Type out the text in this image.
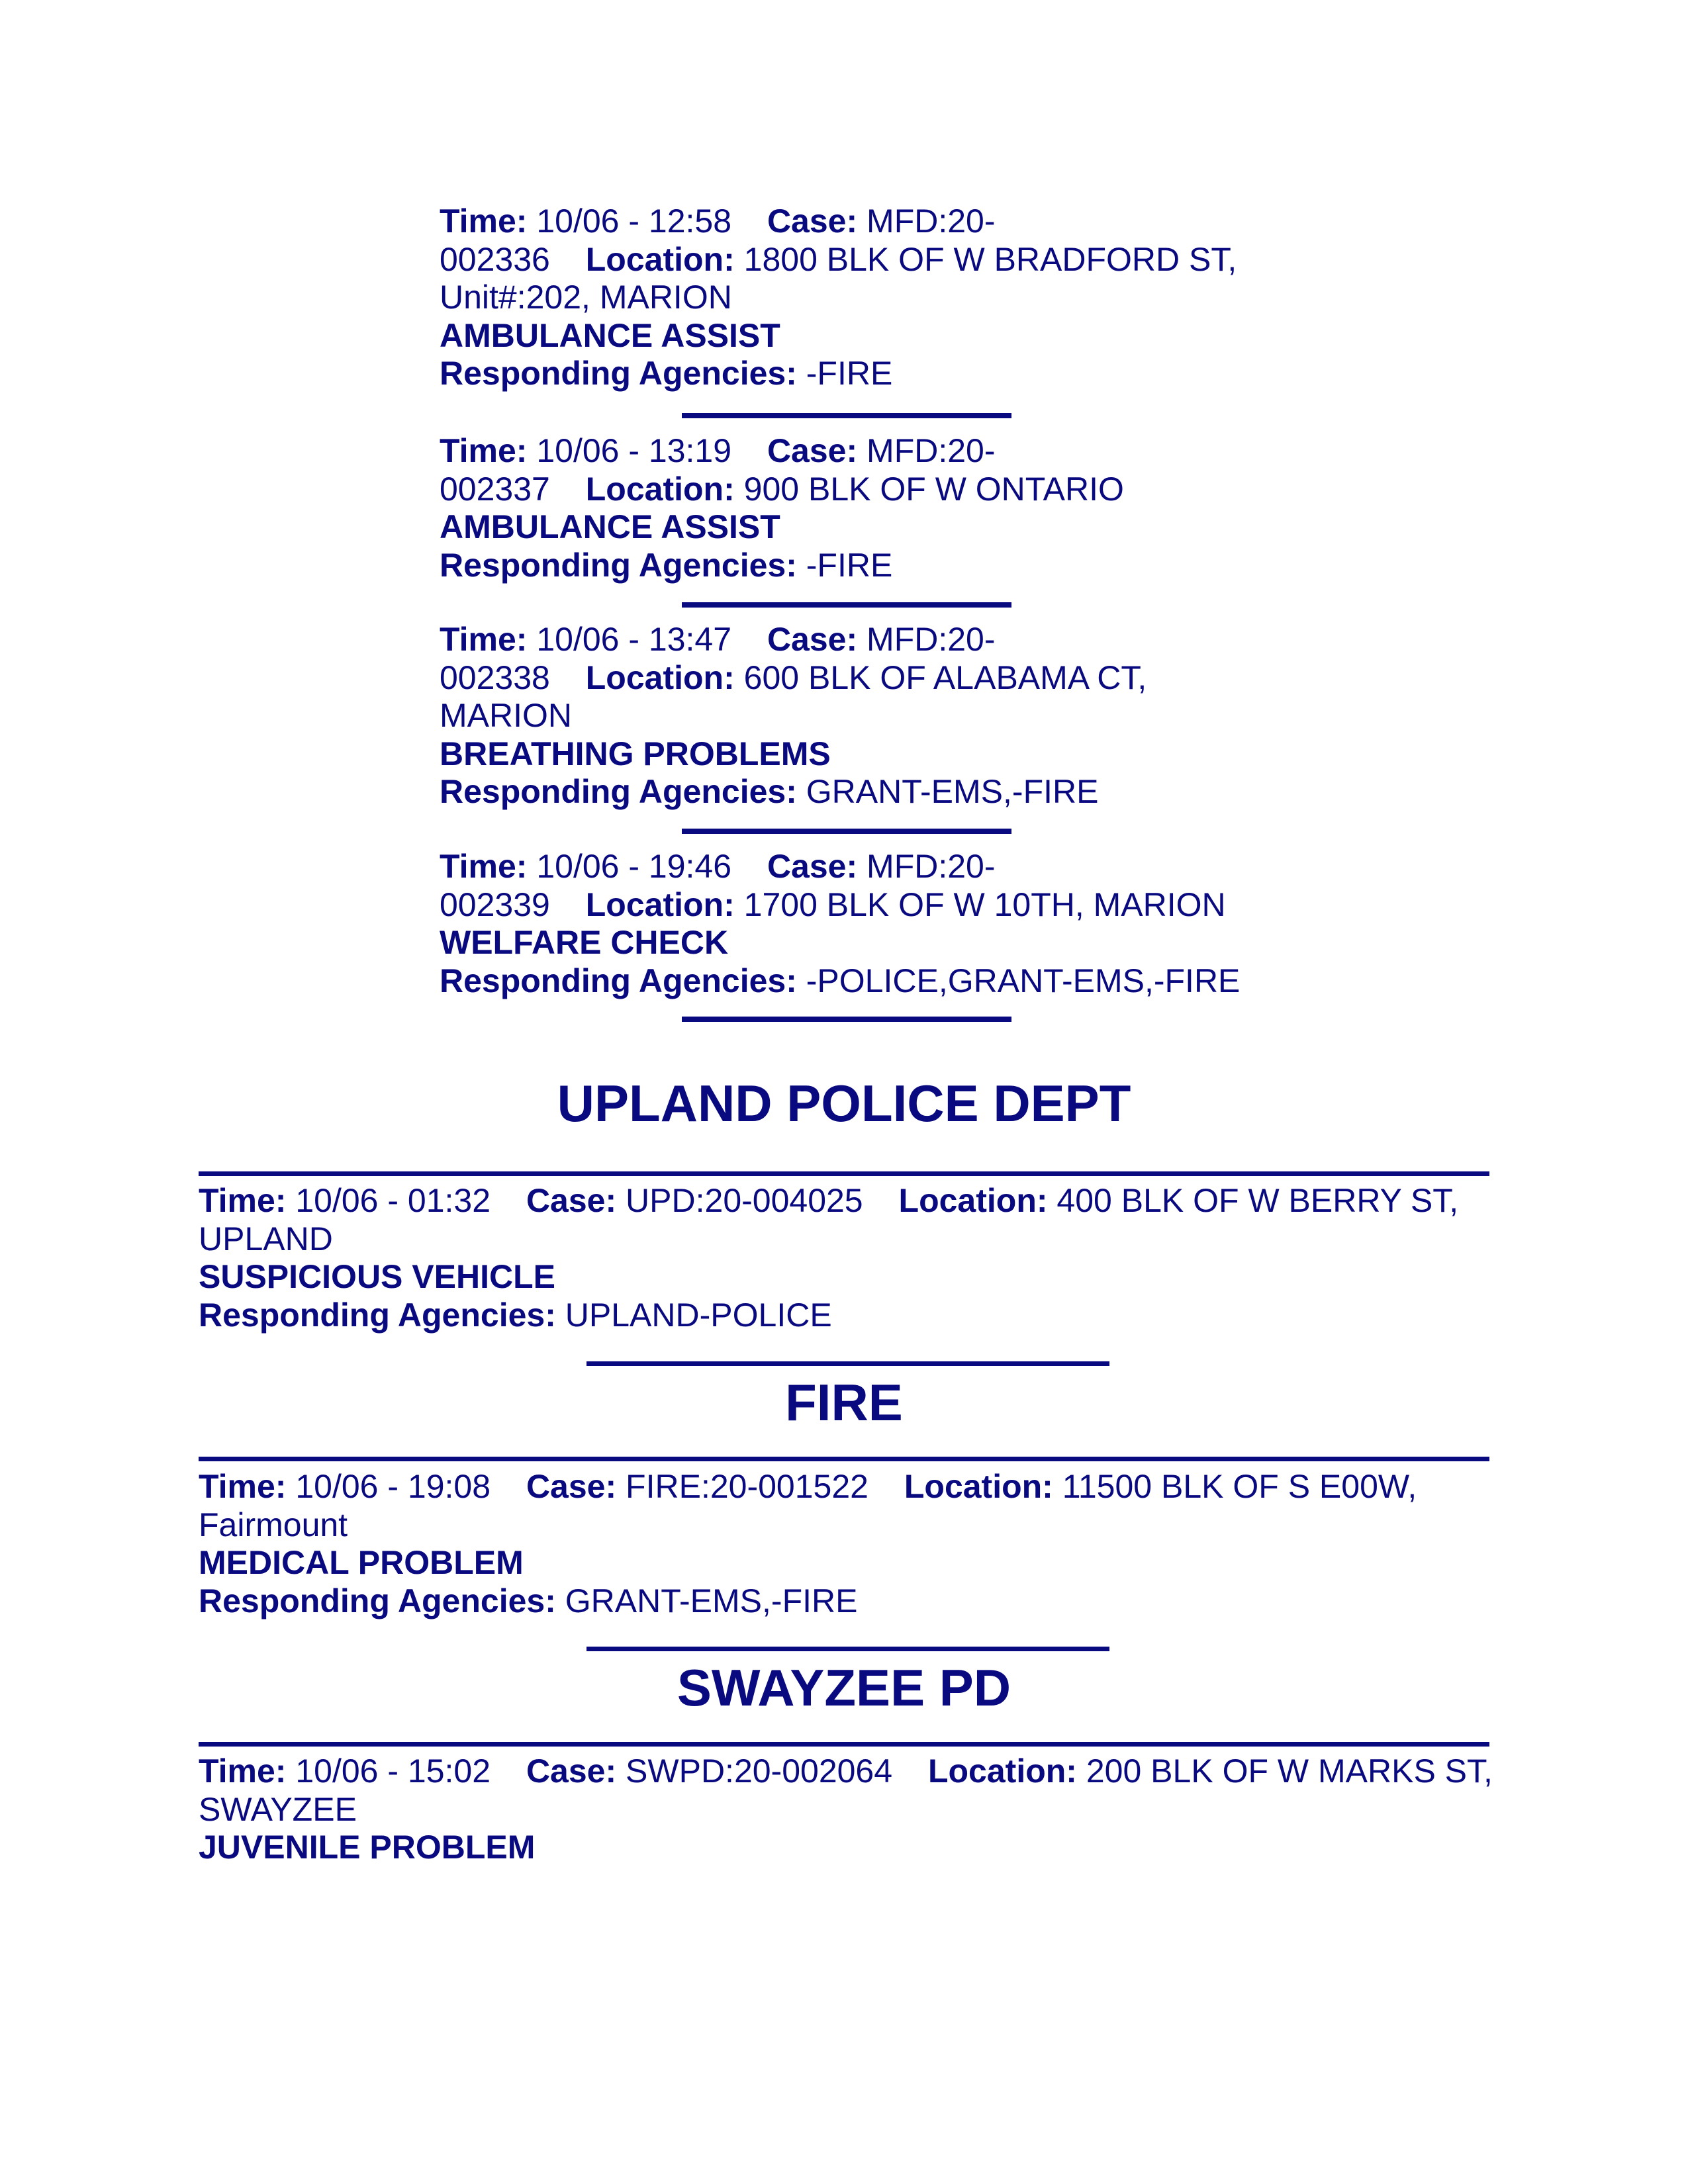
Time: 10/06 - 12:58 Case: MFD:20-
002336 Location: 1800 BLK OF W BRADFORD ST,
Unit#:202, MARION
AMBULANCE ASSIST
Responding Agencies: -FIRE
Time: 10/06 - 13:19 Case: MFD:20-
002337 Location: 900 BLK OF W ONTARIO
AMBULANCE ASSIST
Responding Agencies: -FIRE
Time: 10/06 - 13:47 Case: MFD:20-
002338 Location: 600 BLK OF ALABAMA CT,
MARION
BREATHING PROBLEMS
Responding Agencies: GRANT-EMS,-FIRE
Time: 10/06 - 19:46 Case: MFD:20-
002339 Location: 1700 BLK OF W 10TH, MARION
WELFARE CHECK
Responding Agencies: -POLICE,GRANT-EMS,-FIRE
UPLAND POLICE DEPT
Time: 10/06 - 01:32 Case: UPD:20-004025 Location: 400 BLK OF W BERRY ST,
UPLAND
SUSPICIOUS VEHICLE
Responding Agencies: UPLAND-POLICE
FIRE
Time: 10/06 - 19:08 Case: FIRE:20-001522 Location: 11500 BLK OF S E00W,
Fairmount
MEDICAL PROBLEM
Responding Agencies: GRANT-EMS,-FIRE
SWAYZEE PD
Time: 10/06 - 15:02 Case: SWPD:20-002064 Location: 200 BLK OF W MARKS ST,
SWAYZEE
JUVENILE PROBLEM
